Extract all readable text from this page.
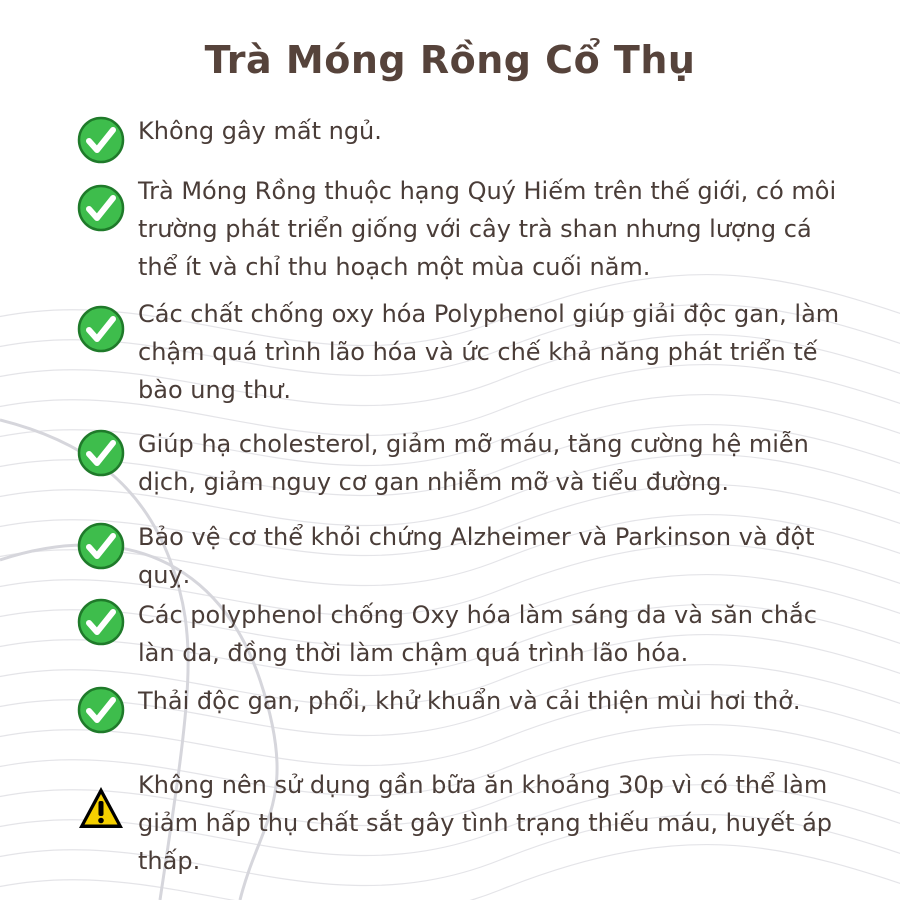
Trà Móng Rồng Cổ Thụ
Không gây mất ngủ.
Trà Móng Rồng thuộc hạng Quý Hiếm trên thế giới, có môi trường phát triển giống với cây trà shan nhưng lượng cá thể ít và chỉ thu hoạch một mùa cuối năm.
Các chất chống oxy hóa Polyphenol giúp giải độc gan, làm chậm quá trình lão hóa và ức chế khả năng phát triển tế bào ung thư.
Giúp hạ cholesterol, giảm mỡ máu, tăng cường hệ miễn dịch, giảm nguy cơ gan nhiễm mỡ và tiểu đường.
Bảo vệ cơ thể khỏi chứng Alzheimer và Parkinson và đột quỵ.
Các polyphenol chống Oxy hóa làm sáng da và săn chắc làn da, đồng thời làm chậm quá trình lão hóa.
Thải độc gan, phổi, khử khuẩn và cải thiện mùi hơi thở.
Không nên sử dụng gần bữa ăn khoảng 30p vì có thể làm giảm hấp thụ chất sắt gây tình trạng thiếu máu, huyết áp thấp.
